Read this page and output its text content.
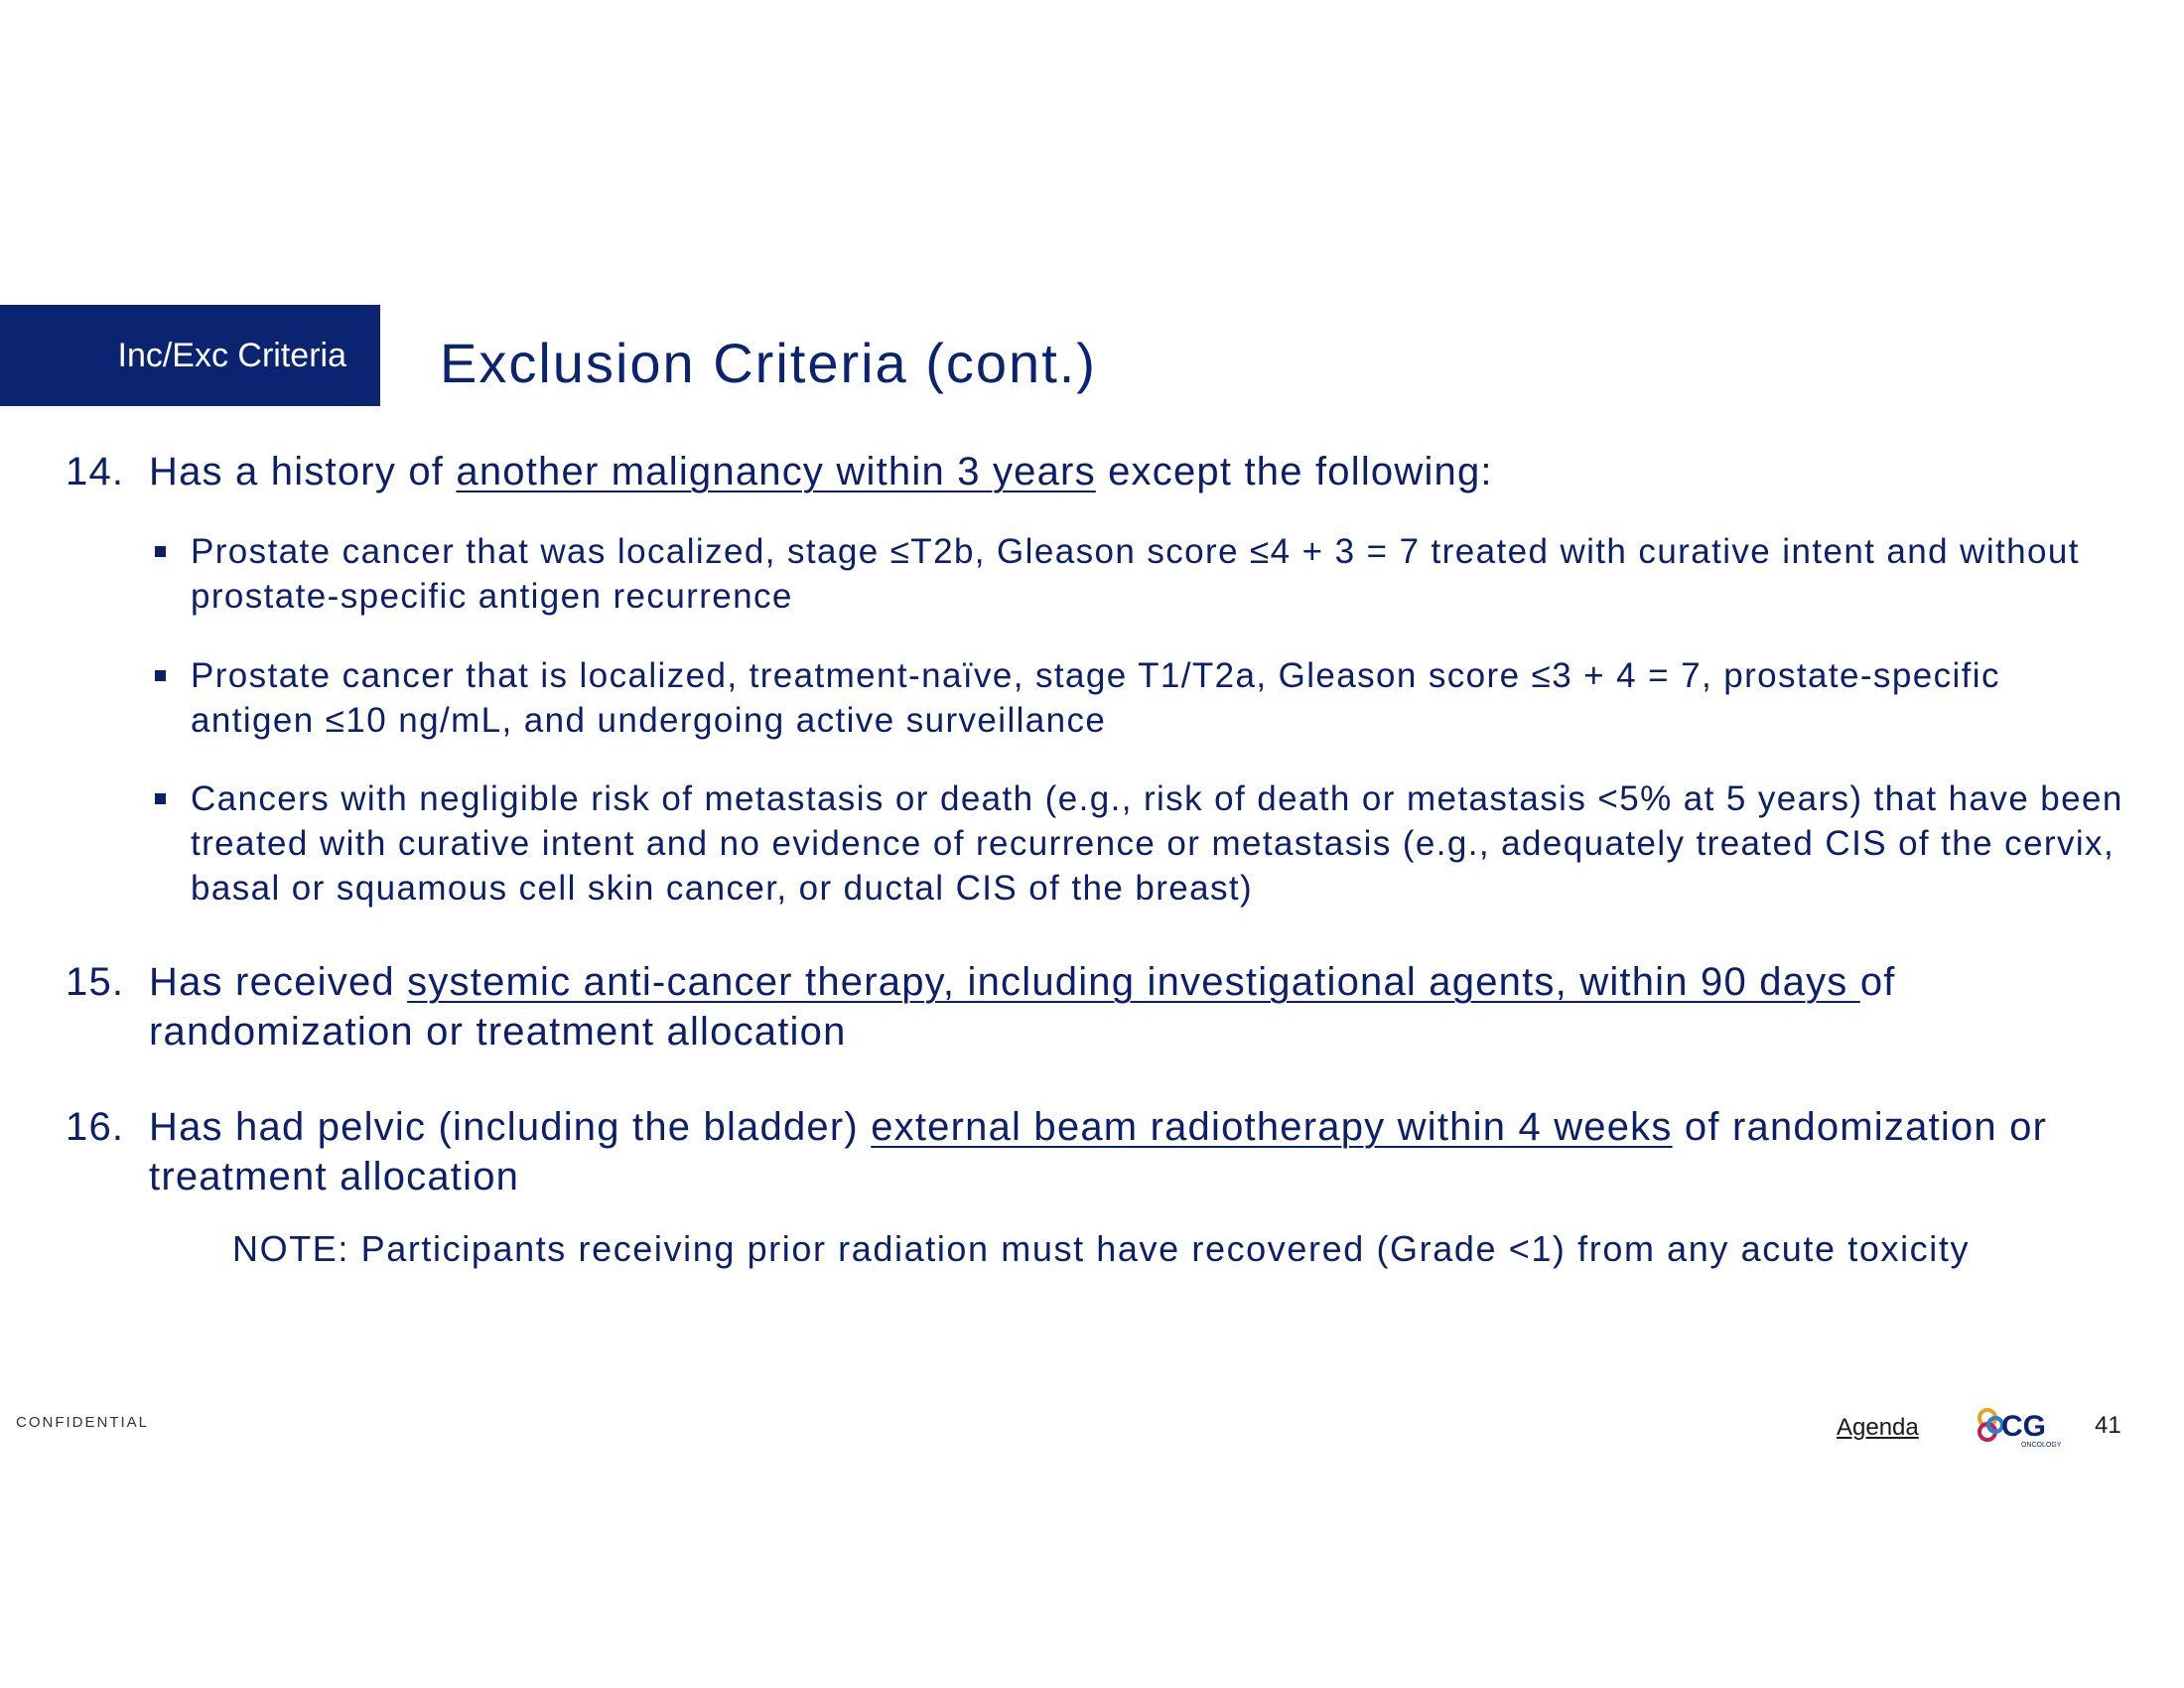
Inc/Exc Criteria Exclusion Criteria (cont.)
14. Has a history of another malignancy within 3 years except the following:
Prostate cancer that was localized, stage ≤T2b, Gleason score ≤4 + 3 = 7 treated with curative intent and without prostate-specific antigen recurrence
Prostate cancer that is localized, treatment-naïve, stage T1/T2a, Gleason score ≤3 + 4 = 7, prostate-specific antigen ≤10 ng/mL, and undergoing active surveillance
Cancers with negligible risk of metastasis or death (e.g., risk of death or metastasis <5% at 5 years) that have been treated with curative intent and no evidence of recurrence or metastasis (e.g., adequately treated CIS of the cervix, basal or squamous cell skin cancer, or ductal CIS of the breast)
15. Has received systemic anti-cancer therapy, including investigational agents, within 90 days of randomization or treatment allocation
16. Has had pelvic (including the bladder) external beam radiotherapy within 4 weeks of randomization or treatment allocation
NOTE: Participants receiving prior radiation must have recovered (Grade <1) from any acute toxicity
CONFIDENTIAL	Agenda	CG
ONCOLOGY
41
